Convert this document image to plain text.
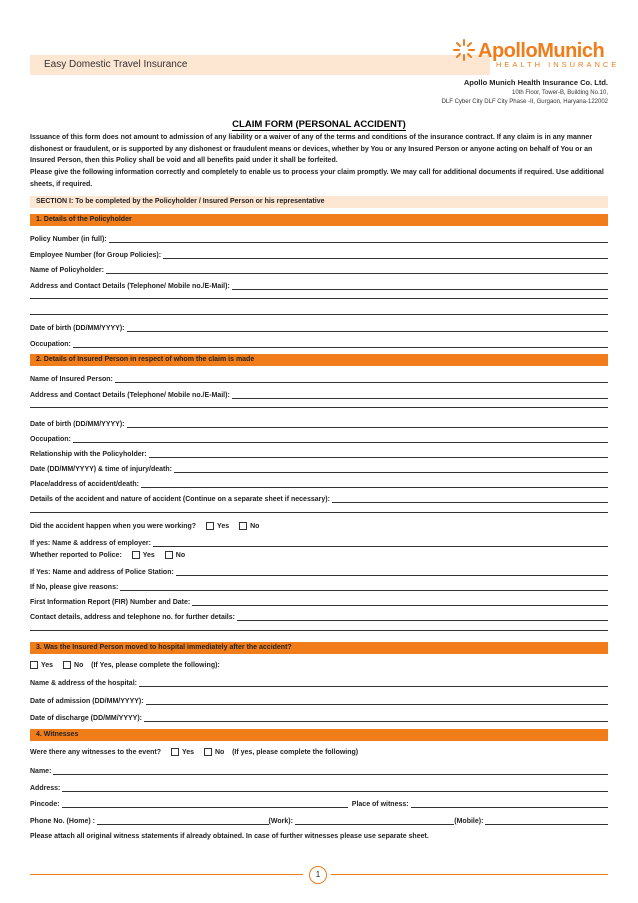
Easy Domestic Travel Insurance
ApolloMunich
HEALTH INSURANCE
Apollo Munich Health Insurance Co. Ltd.
10th Floor, Tower-B, Building No.10,
DLF Cyber City DLF City Phase -II, Gurgaon, Haryana-122002
CLAIM FORM (PERSONAL ACCIDENT)
Issuance of this form does not amount to admission of any liability or a waiver of any of the terms and conditions of the insurance contract. If any claim is in any manner dishonest or fraudulent, or is supported by any dishonest or fraudulent means or devices, whether by You or any Insured Person or anyone acting on behalf of You or an Insured Person, then this Policy shall be void and all benefits paid under it shall be forfeited.
Please give the following information correctly and completely to enable us to process your claim promptly. We may call for additional documents if required. Use additional sheets, if required.
SECTION I: To be completed by the Policyholder / Insured Person or his representative
1. Details of the Policyholder
Policy Number (in full):
Employee Number (for Group Policies):
Name of Policyholder:
Address and Contact Details (Telephone/ Mobile no./E-Mail):
Date of birth (DD/MM/YYYY):
Occupation:
2. Details of Insured Person in respect of whom the claim is made
Name of Insured Person:
Address and Contact Details (Telephone/ Mobile no./E-Mail):
Date of birth (DD/MM/YYYY):
Occupation:
Relationship with the Policyholder:
Date (DD/MM/YYYY) & time of injury/death:
Place/address of accident/death:
Details of the accident and nature of accident (Continue on a separate sheet if necessary):
Did the accident happen when you were working?	Yes	No
If yes: Name & address of employer:
Whether reported to Police:	Yes	No
If Yes: Name and address of Police Station:
If No, please give reasons:
First Information Report (FIR) Number and Date:
Contact details, address and telephone no. for further details:
3. Was the Insured Person moved to hospital immediately after the accident?
Yes	No (If Yes, please complete the following):
Name & address of the hospital:
Date of admission (DD/MM/YYYY):
Date of discharge (DD/MM/YYYY):
4. Witnesses
Were there any witnesses to the event?	Yes	No (If yes, please complete the following)
Name:
Address:
Pincode:	Place of witness:
Phone No. (Home) :	(Work):	(Mobile):
Please attach all original witness statements if already obtained. In case of further witnesses please use separate sheet.
1
